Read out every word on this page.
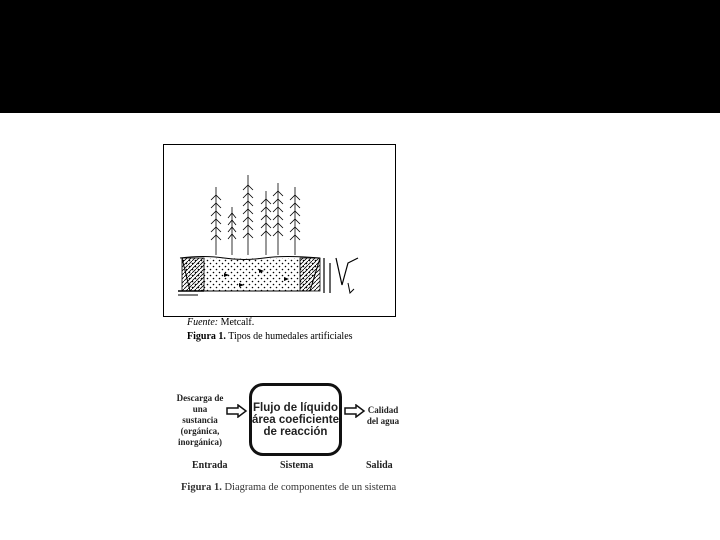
Fuente: Metcalf.
Figura 1. Tipos de humedales artificiales
Descarga de una sustancia (orgánica, inorgánica)
Flujo de líquido área coeficiente de reacción
Calidad del agua
Entrada	Sistema	Salida
Figura 1. Diagrama de componentes de un sistema
